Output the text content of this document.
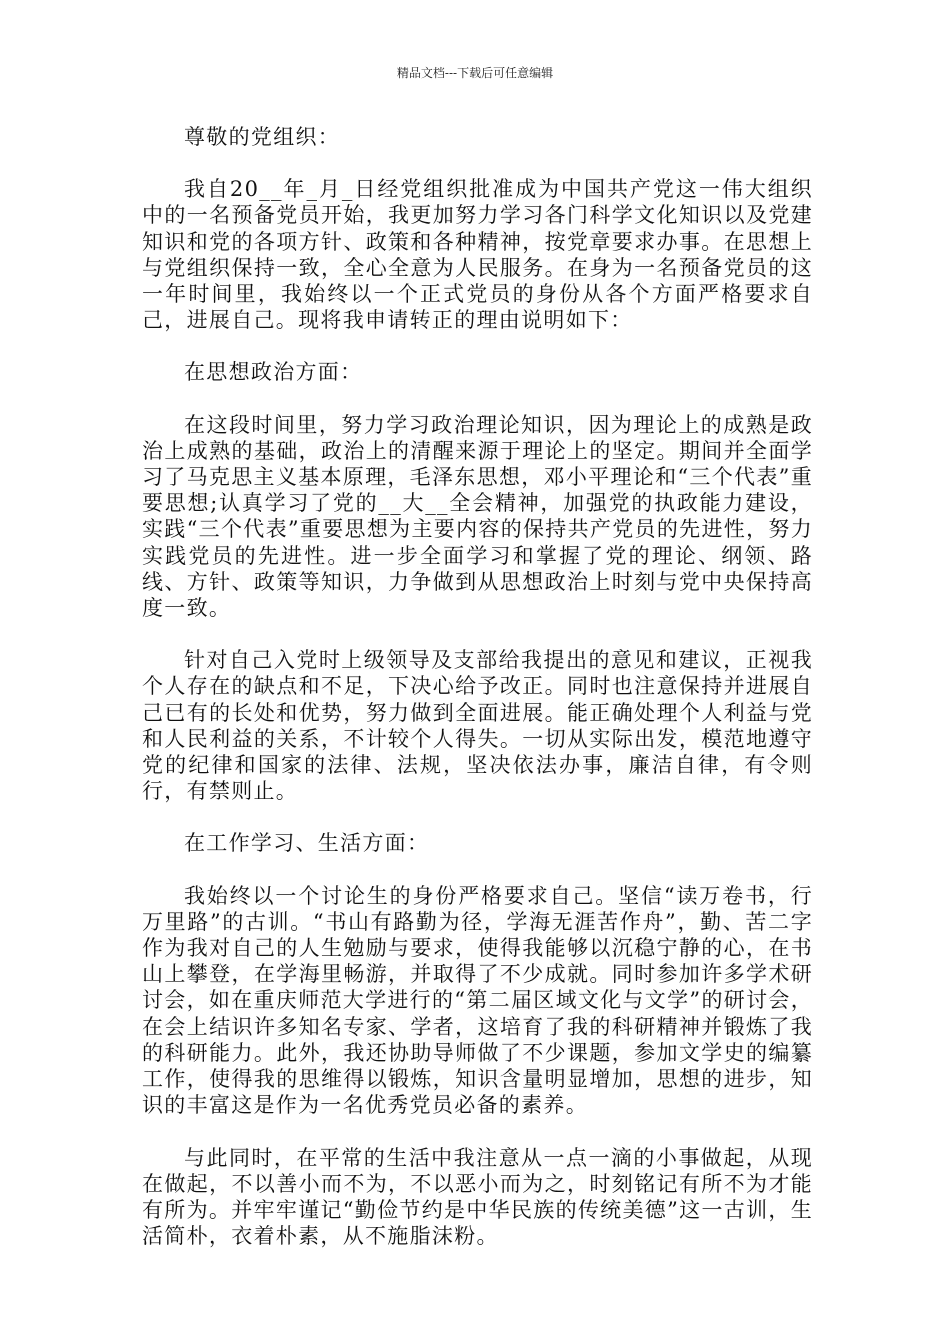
精品文档---下载后可任意编辑

尊敬的党组织：

我自20__年_月_日经党组织批准成为中国共产党这一伟大组织中的一名预备党员开始，我更加努力学习各门科学文化知识以及党建知识和党的各项方针、政策和各种精神，按党章要求办事。在思想上与党组织保持一致，全心全意为人民服务。在身为一名预备党员的这一年时间里，我始终以一个正式党员的身份从各个方面严格要求自己，进展自己。现将我申请转正的理由说明如下：

在思想政治方面：

在这段时间里，努力学习政治理论知识，因为理论上的成熟是政治上成熟的基础，政治上的清醒来源于理论上的坚定。期间并全面学习了马克思主义基本原理，毛泽东思想，邓小平理论和“三个代表”重要思想;认真学习了党的__大__全会精神，加强党的执政能力建设，实践“三个代表”重要思想为主要内容的保持共产党员的先进性，努力实践党员的先进性。进一步全面学习和掌握了党的理论、纲领、路线、方针、政策等知识，力争做到从思想政治上时刻与党中央保持高度一致。

针对自己入党时上级领导及支部给我提出的意见和建议，正视我个人存在的缺点和不足，下决心给予改正。同时也注意保持并进展自己已有的长处和优势，努力做到全面进展。能正确处理个人利益与党和人民利益的关系，不计较个人得失。一切从实际出发，模范地遵守党的纪律和国家的法律、法规，坚决依法办事，廉洁自律，有令则行，有禁则止。

在工作学习、生活方面：

我始终以一个讨论生的身份严格要求自己。坚信“读万卷书，行万里路”的古训。“书山有路勤为径，学海无涯苦作舟”，勤、苦二字作为我对自己的人生勉励与要求，使得我能够以沉稳宁静的心，在书山上攀登，在学海里畅游，并取得了不少成就。同时参加许多学术研讨会，如在重庆师范大学进行的“第二届区域文化与文学”的研讨会，在会上结识许多知名专家、学者，这培育了我的科研精神并锻炼了我的科研能力。此外，我还协助导师做了不少课题，参加文学史的编纂工作，使得我的思维得以锻炼，知识含量明显增加，思想的进步，知识的丰富这是作为一名优秀党员必备的素养。

与此同时，在平常的生活中我注意从一点一滴的小事做起，从现在做起，不以善小而不为，不以恶小而为之，时刻铭记有所不为才能有所为。并牢牢谨记“勤俭节约是中华民族的传统美德”这一古训，生活简朴，衣着朴素，从不施脂沫粉。
